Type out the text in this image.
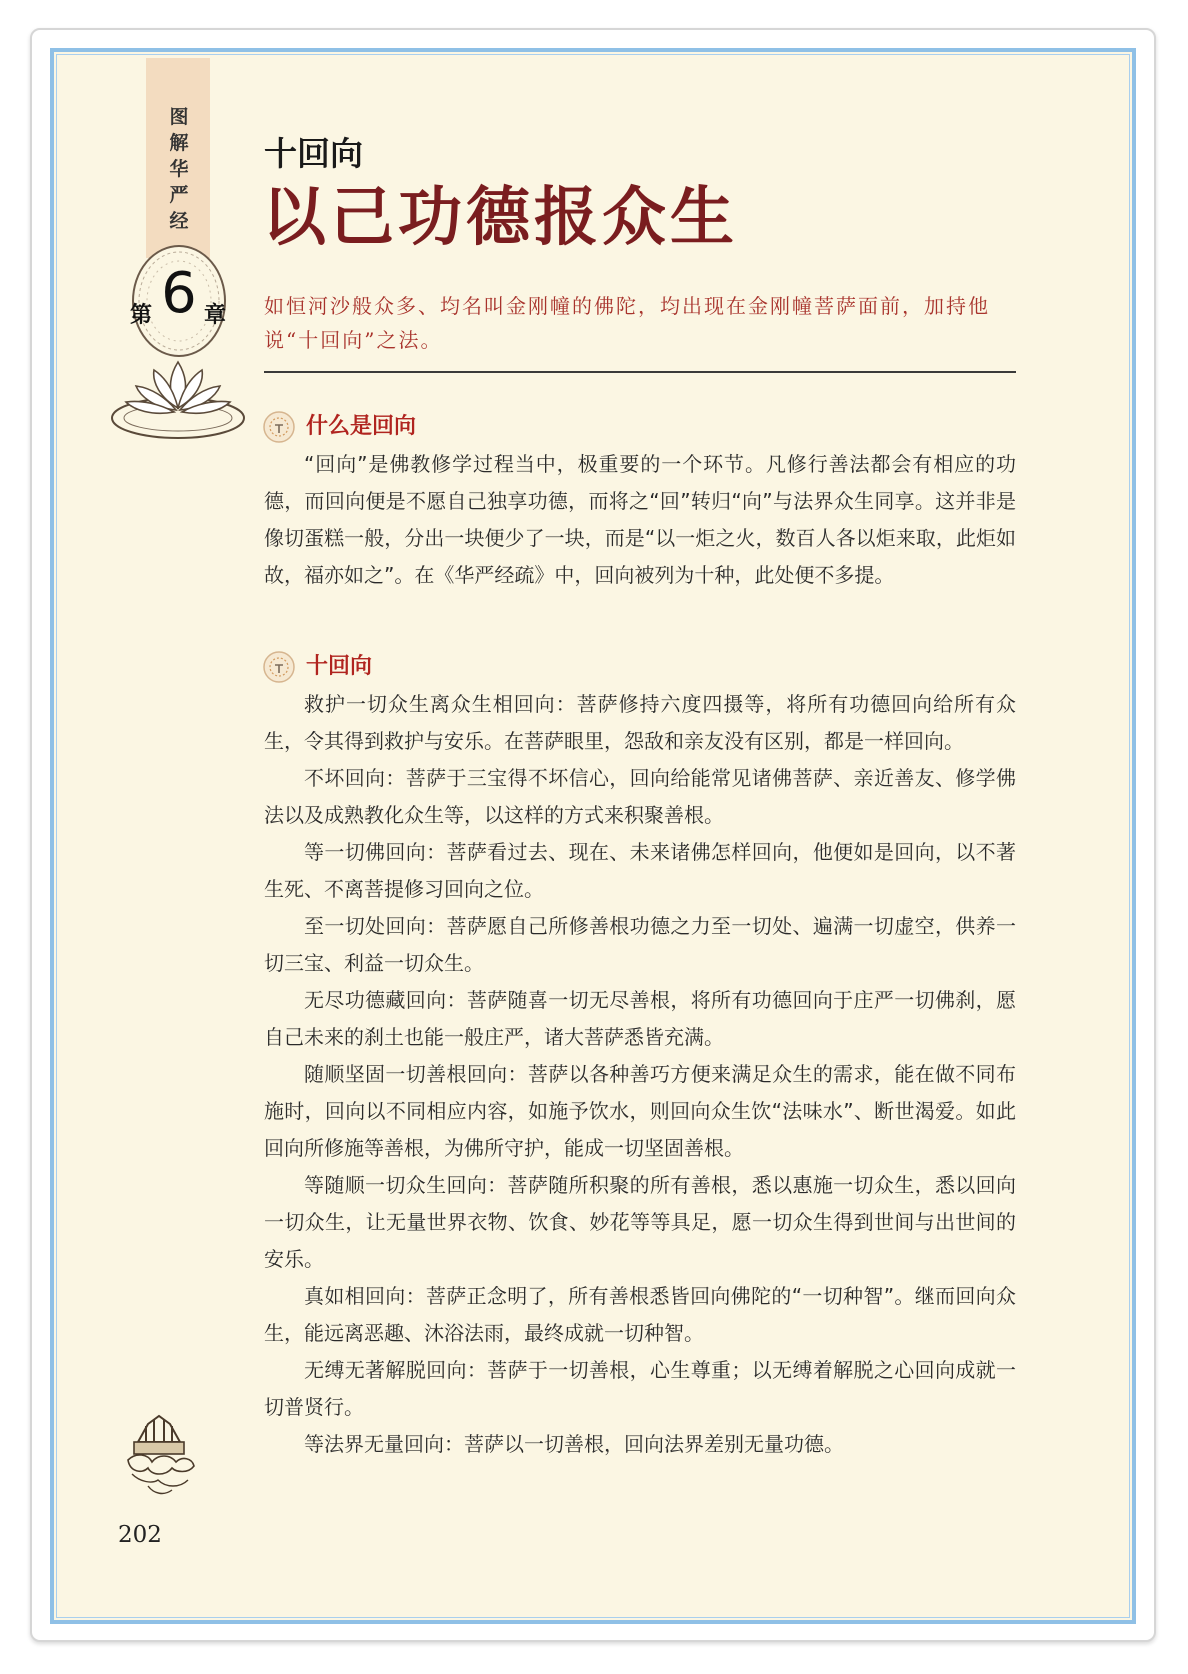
图解华严经
第 6 章
十回向
以己功德报众生
如恒河沙般众多、均名叫金刚幢的佛陀，均出现在金刚幢菩萨面前，加持他说“十回向”之法。
什么是回向

“回向”是佛教修学过程当中，极重要的一个环节。凡修行善法都会有相应的功德，而回向便是不愿自己独享功德，而将之“回”转归“向”与法界众生同享。这并非是像切蛋糕一般，分出一块便少了一块，而是“以一炬之火，数百人各以炬来取，此炬如故，福亦如之”。在《华严经疏》中，回向被列为十种，此处便不多提。

十回向

救护一切众生离众生相回向：菩萨修持六度四摄等，将所有功德回向给所有众生，令其得到救护与安乐。在菩萨眼里，怨敌和亲友没有区别，都是一样回向。

不坏回向：菩萨于三宝得不坏信心，回向给能常见诸佛菩萨、亲近善友、修学佛法以及成熟教化众生等，以这样的方式来积聚善根。

等一切佛回向：菩萨看过去、现在、未来诸佛怎样回向，他便如是回向，以不著生死、不离菩提修习回向之位。

至一切处回向：菩萨愿自己所修善根功德之力至一切处、遍满一切虚空，供养一切三宝、利益一切众生。

无尽功德藏回向：菩萨随喜一切无尽善根，将所有功德回向于庄严一切佛刹，愿自己未来的刹土也能一般庄严，诸大菩萨悉皆充满。

随顺坚固一切善根回向：菩萨以各种善巧方便来满足众生的需求，能在做不同布施时，回向以不同相应内容，如施予饮水，则回向众生饮“法味水”、断世渴爱。如此回向所修施等善根，为佛所守护，能成一切坚固善根。

等随顺一切众生回向：菩萨随所积聚的所有善根，悉以惠施一切众生，悉以回向一切众生，让无量世界衣物、饮食、妙花等等具足，愿一切众生得到世间与出世间的安乐。

真如相回向：菩萨正念明了，所有善根悉皆回向佛陀的“一切种智”。继而回向众生，能远离恶趣、沐浴法雨，最终成就一切种智。

无缚无著解脱回向：菩萨于一切善根，心生尊重；以无缚着解脱之心回向成就一切普贤行。

等法界无量回向：菩萨以一切善根，回向法界差别无量功德。

202
